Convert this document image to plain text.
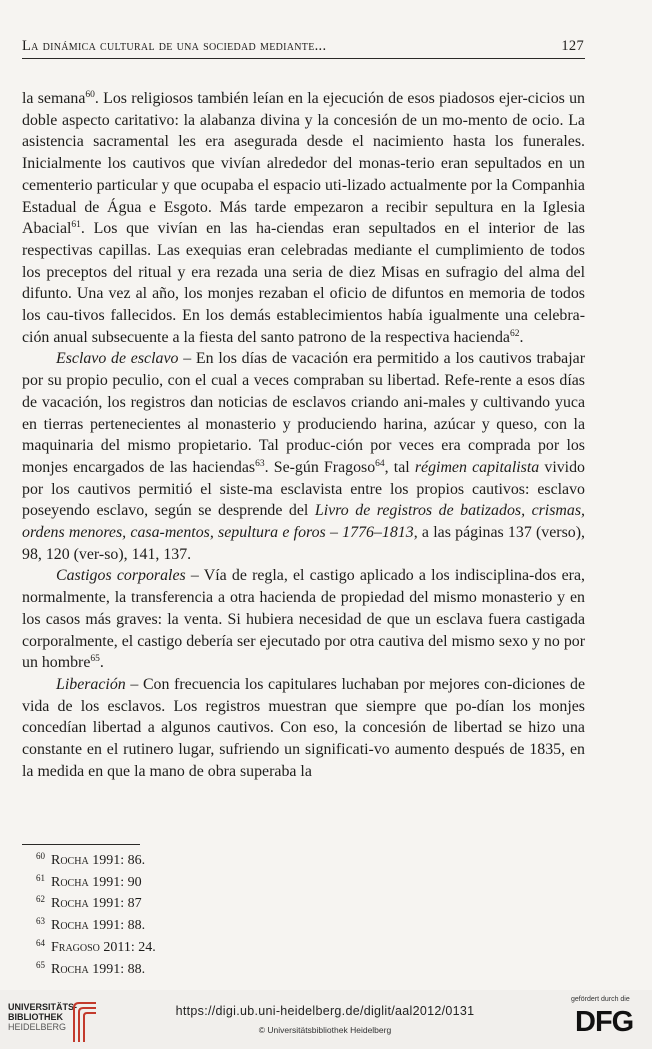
La dinámica cultural de una sociedad mediante...	127

la semana$^{60}$. Los religiosos también leían en la ejecución de esos piadosos ejer-cicios un doble aspecto caritativo: la alabanza divina y la concesión de un mo-mento de ocio. La asistencia sacramental les era asegurada desde el nacimiento hasta los funerales. Inicialmente los cautivos que vivían alrededor del monas-terio eran sepultados en un cementerio particular y que ocupaba el espacio uti-lizado actualmente por la Companhia Estadual de Água e Esgoto. Más tarde empezaron a recibir sepultura en la Iglesia Abacial$^{61}$. Los que vivían en las ha-ciendas eran sepultados en el interior de las respectivas capillas. Las exequias eran celebradas mediante el cumplimiento de todos los preceptos del ritual y era rezada una seria de diez Misas en sufragio del alma del difunto. Una vez al año, los monjes rezaban el oficio de difuntos en memoria de todos los cau-tivos fallecidos. En los demás establecimientos había igualmente una celebra-ción anual subsecuente a la fiesta del santo patrono de la respectiva hacienda$^{62}$.

Esclavo de esclavo – En los días de vacación era permitido a los cautivos trabajar por su propio peculio, con el cual a veces compraban su libertad. Refe-rente a esos días de vacación, los registros dan noticias de esclavos criando ani-males y cultivando yuca en tierras pertenecientes al monasterio y produciendo harina, azúcar y queso, con la maquinaria del mismo propietario. Tal produc-ción por veces era comprada por los monjes encargados de las haciendas$^{63}$. Se-gún Fragoso$^{64}$, tal régimen capitalista vivido por los cautivos permitió el siste-ma esclavista entre los propios cautivos: esclavo poseyendo esclavo, según se desprende del Livro de registros de batizados, crismas, ordens menores, casa-mentos, sepultura e foros – 1776–1813, a las páginas 137 (verso), 98, 120 (ver-so), 141, 137.

Castigos corporales – Vía de regla, el castigo aplicado a los indisciplina-dos era, normalmente, la transferencia a otra hacienda de propiedad del mismo monasterio y en los casos más graves: la venta. Si hubiera necesidad de que un esclava fuera castigada corporalmente, el castigo debería ser ejecutado por otra cautiva del mismo sexo y no por un hombre$^{65}$.

Liberación – Con frecuencia los capitulares luchaban por mejores con-diciones de vida de los esclavos. Los registros muestran que siempre que po-dían los monjes concedían libertad a algunos cautivos. Con eso, la concesión de libertad se hizo una constante en el rutinero lugar, sufriendo un significati-vo aumento después de 1835, en la medida en que la mano de obra superaba la

$^{60}$ Rocha 1991: 86.
$^{61}$ Rocha 1991: 90
$^{62}$ Rocha 1991: 87
$^{63}$ Rocha 1991: 88.
$^{64}$ Fragoso 2011: 24.
$^{65}$ Rocha 1991: 88.
UNIVERSITÄTS-
BIBLIOTHEK
HEIDELBERG
https://digi.ub.uni-heidelberg.de/diglit/aal2012/0131
© Universitätsbibliothek Heidelberg
gefördert durch die
DFG
